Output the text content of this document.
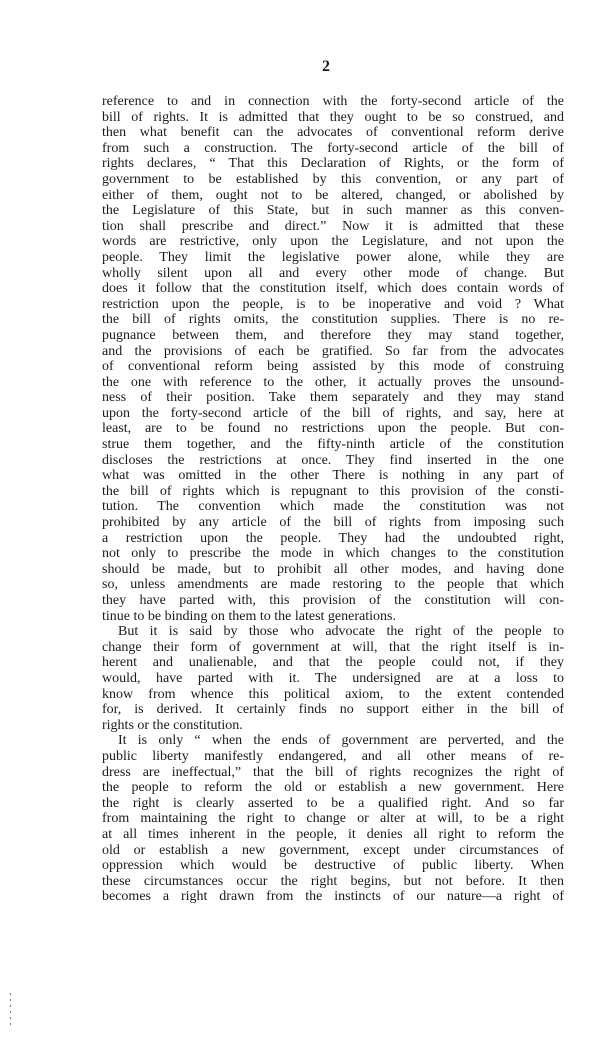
2
reference to and in connection with the forty-second article of the
bill of rights. It is admitted that they ought to be so construed, and
then what benefit can the advocates of conventional reform derive
from such a construction. The forty-second article of the bill of
rights declares, “ That this Declaration of Rights, or the form of
government to be established by this convention, or any part of
either of them, ought not to be altered, changed, or abolished by
the Legislature of this State, but in such manner as this conven-
tion shall prescribe and direct.” Now it is admitted that these
words are restrictive, only upon the Legislature, and not upon the
people. They limit the legislative power alone, while they are
wholly silent upon all and every other mode of change. But
does it follow that the constitution itself, which does contain words of
restriction upon the people, is to be inoperative and void ? What
the bill of rights omits, the constitution supplies. There is no re-
pugnance between them, and therefore they may stand together,
and the provisions of each be gratified. So far from the advocates
of conventional reform being assisted by this mode of construing
the one with reference to the other, it actually proves the unsound-
ness of their position. Take them separately and they may stand
upon the forty-second article of the bill of rights, and say, here at
least, are to be found no restrictions upon the people. But con-
strue them together, and the fifty-ninth article of the constitution
discloses the restrictions at once. They find inserted in the one
what was omitted in the other There is nothing in any part of
the bill of rights which is repugnant to this provision of the consti-
tution. The convention which made the constitution was not
prohibited by any article of the bill of rights from imposing such
a restriction upon the people. They had the undoubted right,
not only to prescribe the mode in which changes to the constitution
should be made, but to prohibit all other modes, and having done
so, unless amendments are made restoring to the people that which
they have parted with, this provision of the constitution will con-
tinue to be binding on them to the latest generations.
But it is said by those who advocate the right of the people to
change their form of government at will, that the right itself is in-
herent and unalienable, and that the people could not, if they
would, have parted with it. The undersigned are at a loss to
know from whence this political axiom, to the extent contended
for, is derived. It certainly finds no support either in the bill of
rights or the constitution.
It is only “ when the ends of government are perverted, and the
public liberty manifestly endangered, and all other means of re-
dress are ineffectual,” that the bill of rights recognizes the right of
the people to reform the old or establish a new government. Here
the right is clearly asserted to be a qualified right. And so far
from maintaining the right to change or alter at will, to be a right
at all times inherent in the people, it denies all right to reform the
old or establish a new government, except under circumstances of
oppression which would be destructive of public liberty. When
these circumstances occur the right begins, but not before. It then
becomes a right drawn from the instincts of our nature—a right of
